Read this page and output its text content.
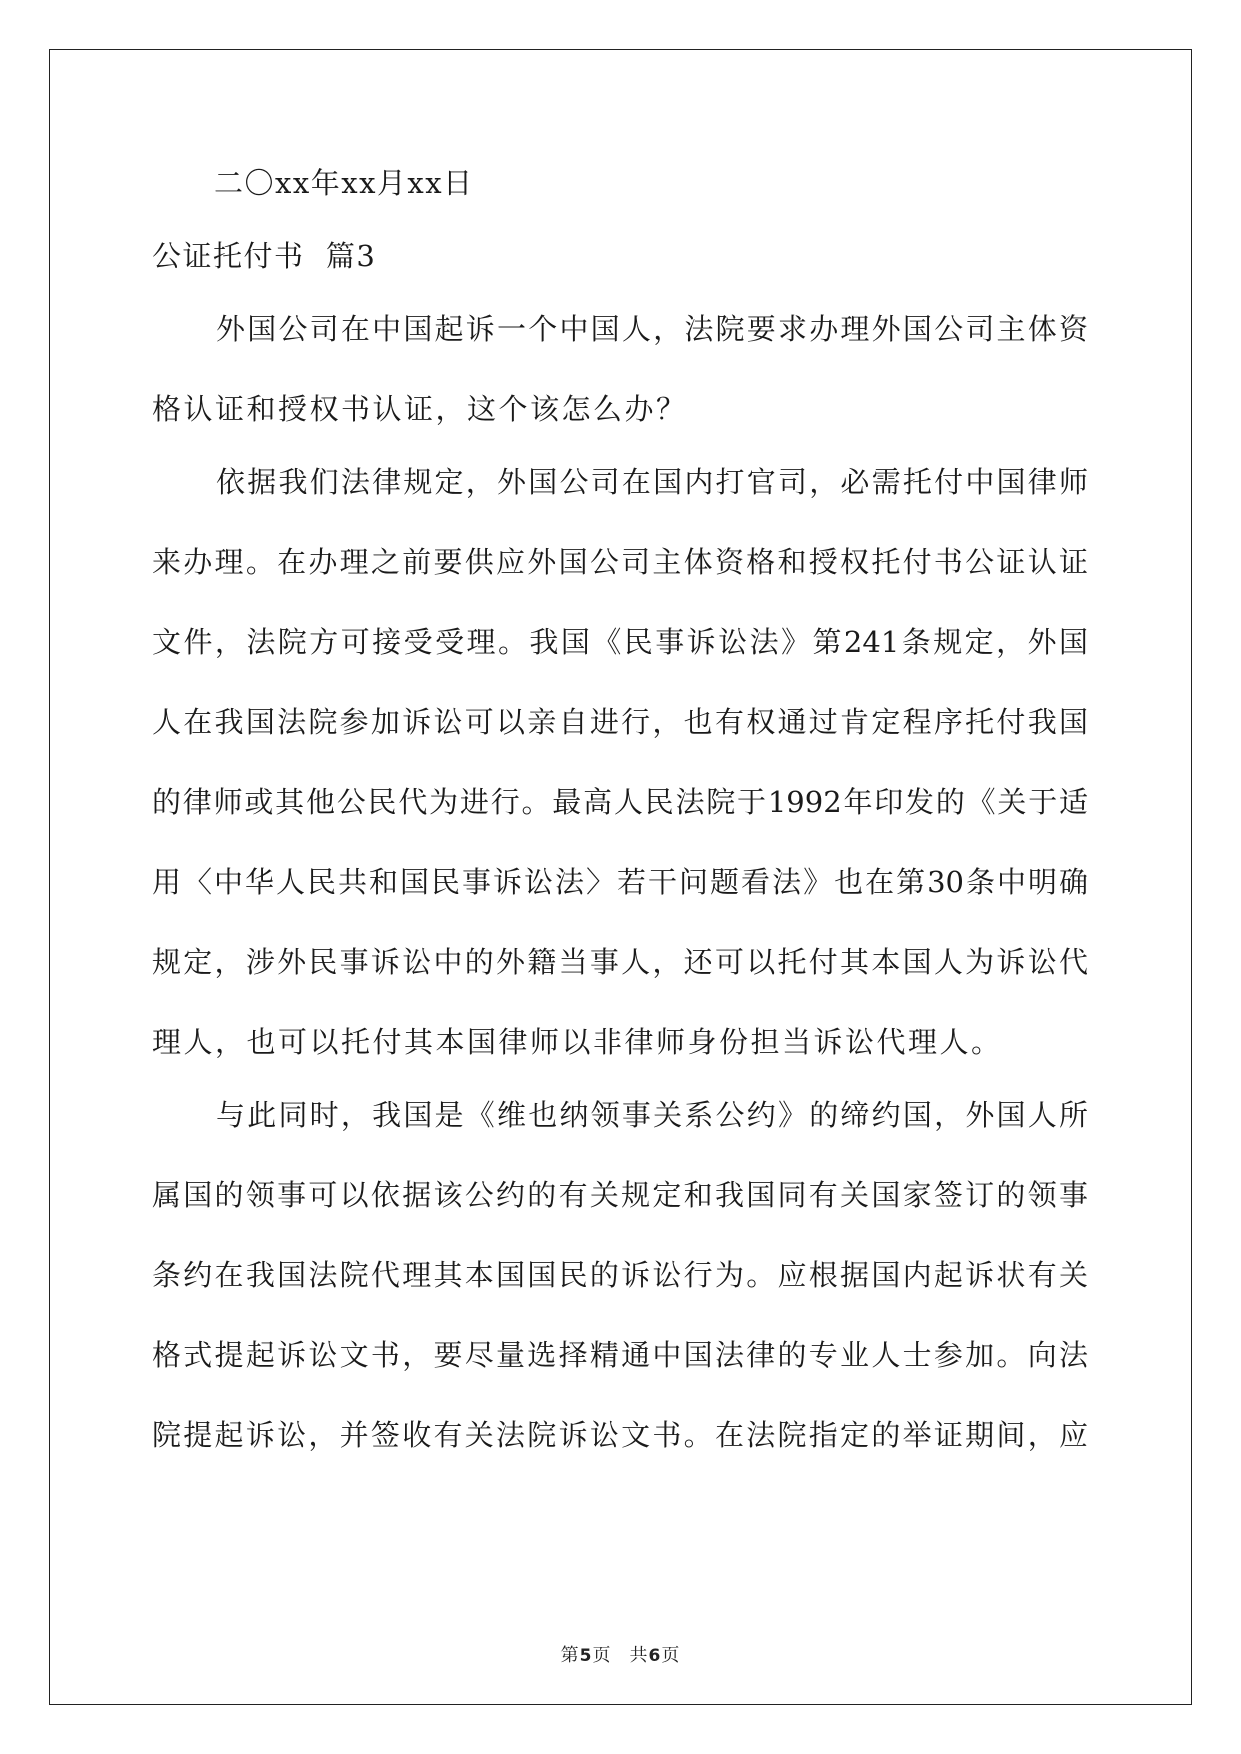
二〇xx年xx月xx日
公证托付书  篇3
外国公司在中国起诉一个中国人，法院要求办理外国公司主体资
格认证和授权书认证，这个该怎么办？
依据我们法律规定，外国公司在国内打官司，必需托付中国律师
来办理。在办理之前要供应外国公司主体资格和授权托付书公证认证
文件，法院方可接受受理。我国《民事诉讼法》第241条规定，外国
人在我国法院参加诉讼可以亲自进行，也有权通过肯定程序托付我国
的律师或其他公民代为进行。最高人民法院于1992年印发的《关于适
用〈中华人民共和国民事诉讼法〉若干问题看法》也在第30条中明确
规定，涉外民事诉讼中的外籍当事人，还可以托付其本国人为诉讼代
理人，也可以托付其本国律师以非律师身份担当诉讼代理人。
与此同时，我国是《维也纳领事关系公约》的缔约国，外国人所
属国的领事可以依据该公约的有关规定和我国同有关国家签订的领事
条约在我国法院代理其本国国民的诉讼行为。应根据国内起诉状有关
格式提起诉讼文书，要尽量选择精通中国法律的专业人士参加。向法
院提起诉讼，并签收有关法院诉讼文书。在法院指定的举证期间，应
第5页 共6页
